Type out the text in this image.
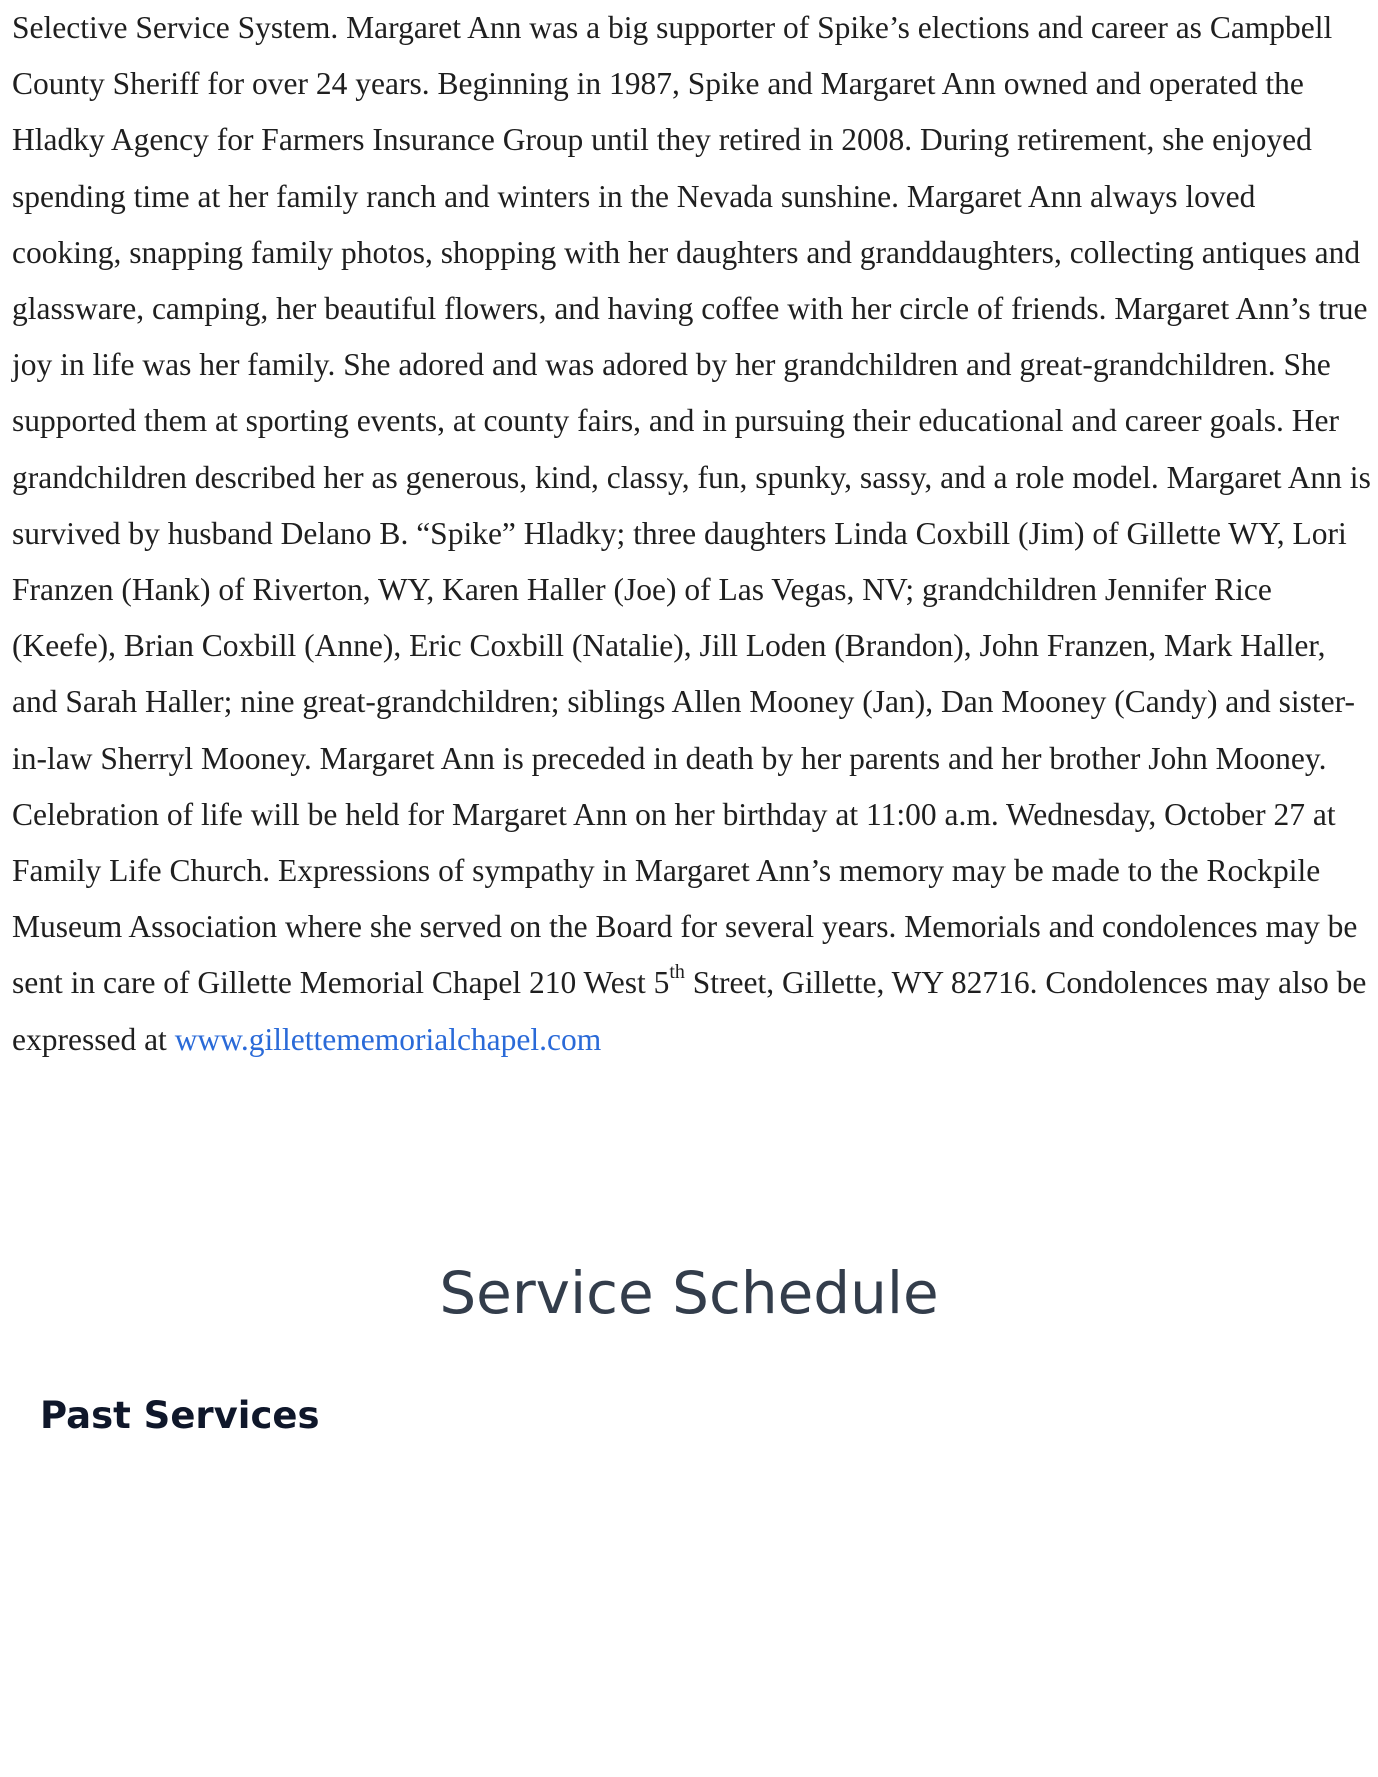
Selective Service System. Margaret Ann was a big supporter of Spike’s elections and career as Campbell County Sheriff for over 24 years. Beginning in 1987, Spike and Margaret Ann owned and operated the Hladky Agency for Farmers Insurance Group until they retired in 2008. During retirement, she enjoyed spending time at her family ranch and winters in the Nevada sunshine. Margaret Ann always loved cooking, snapping family photos, shopping with her daughters and granddaughters, collecting antiques and glassware, camping, her beautiful flowers, and having coffee with her circle of friends. Margaret Ann’s true joy in life was her family. She adored and was adored by her grandchildren and great-grandchildren. She supported them at sporting events, at county fairs, and in pursuing their educational and career goals. Her grandchildren described her as generous, kind, classy, fun, spunky, sassy, and a role model. Margaret Ann is survived by husband Delano B. “Spike” Hladky; three daughters Linda Coxbill (Jim) of Gillette WY, Lori Franzen (Hank) of Riverton, WY, Karen Haller (Joe) of Las Vegas, NV; grandchildren Jennifer Rice (Keefe), Brian Coxbill (Anne), Eric Coxbill (Natalie), Jill Loden (Brandon), John Franzen, Mark Haller, and Sarah Haller; nine great-grandchildren; siblings Allen Mooney (Jan), Dan Mooney (Candy) and sister-in-law Sherryl Mooney. Margaret Ann is preceded in death by her parents and her brother John Mooney. Celebration of life will be held for Margaret Ann on her birthday at 11:00 a.m. Wednesday, October 27 at Family Life Church. Expressions of sympathy in Margaret Ann’s memory may be made to the Rockpile Museum Association where she served on the Board for several years. Memorials and condolences may be sent in care of Gillette Memorial Chapel 210 West 5th Street, Gillette, WY 82716. Condolences may also be expressed at www.gillettememorialchapel.com

Service Schedule
Past Services
